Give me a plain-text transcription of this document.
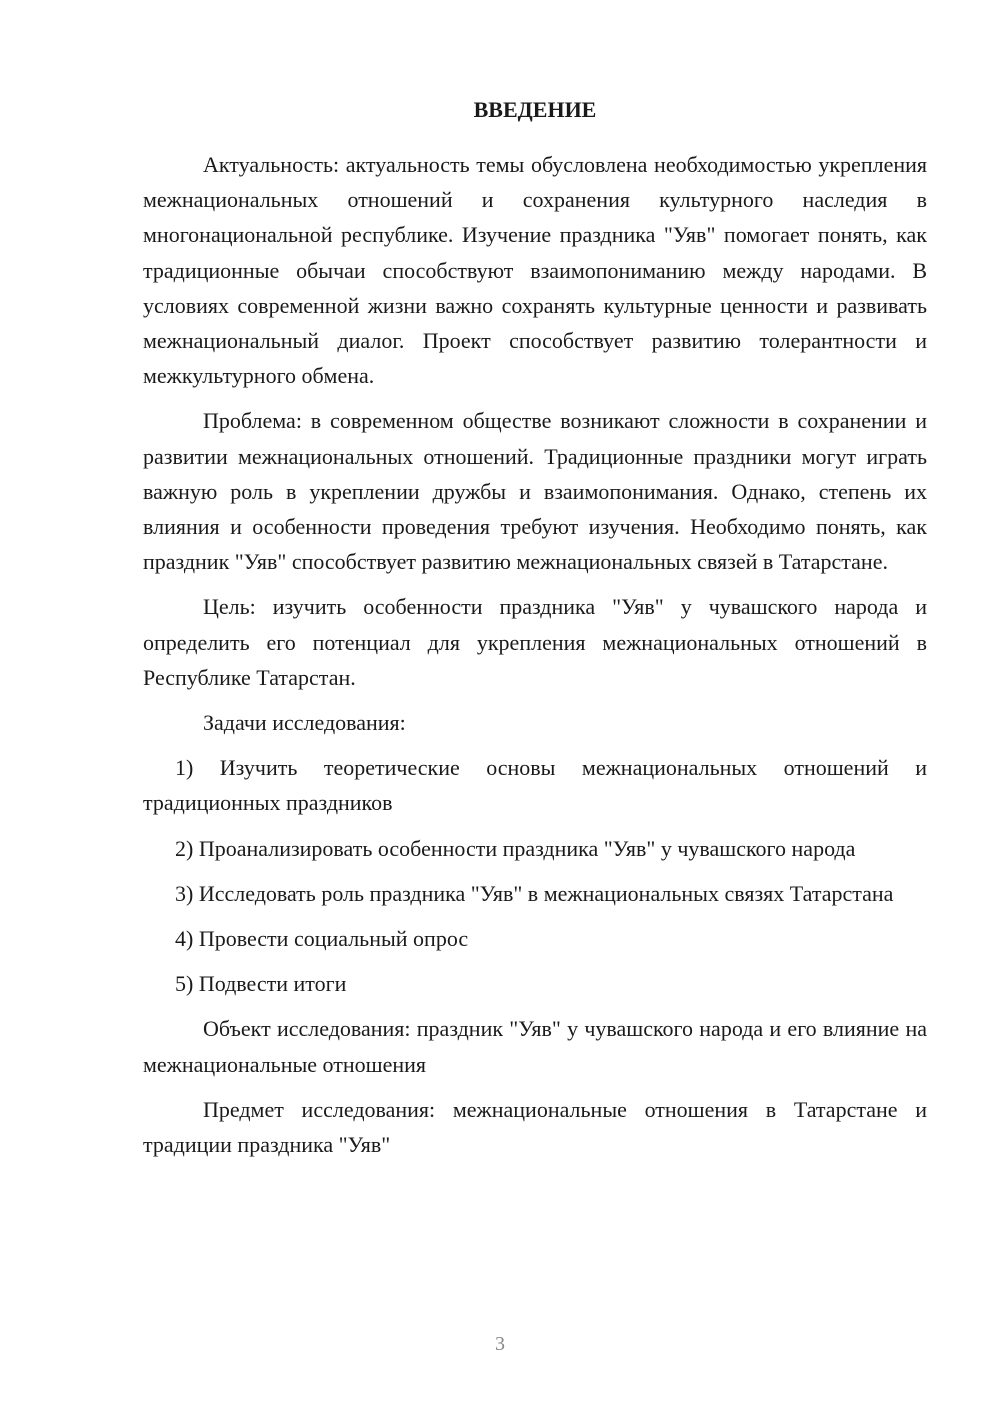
ВВЕДЕНИЕ

Актуальность: актуальность темы обусловлена необходимостью укрепления межнациональных отношений и сохранения культурного наследия в многонациональной республике. Изучение праздника "Уяв" помогает понять, как традиционные обычаи способствуют взаимопониманию между народами. В условиях современной жизни важно сохранять культурные ценности и развивать межнациональный диалог. Проект способствует развитию толерантности и межкультурного обмена.

Проблема: в современном обществе возникают сложности в сохранении и развитии межнациональных отношений. Традиционные праздники могут играть важную роль в укреплении дружбы и взаимопонимания. Однако, степень их влияния и особенности проведения требуют изучения. Необходимо понять, как праздник "Уяв" способствует развитию межнациональных связей в Татарстане.

Цель: изучить особенности праздника "Уяв" у чувашского народа и определить его потенциал для укрепления межнациональных отношений в Республике Татарстан.

Задачи исследования:

1) Изучить теоретические основы межнациональных отношений и традиционных праздников

2) Проанализировать особенности праздника "Уяв" у чувашского народа

3) Исследовать роль праздника "Уяв" в межнациональных связях Татарстана

4) Провести социальный опрос

5) Подвести итоги

Объект исследования: праздник "Уяв" у чувашского народа и его влияние на межнациональные отношения

Предмет исследования: межнациональные отношения в Татарстане и традиции праздника "Уяв"

3
